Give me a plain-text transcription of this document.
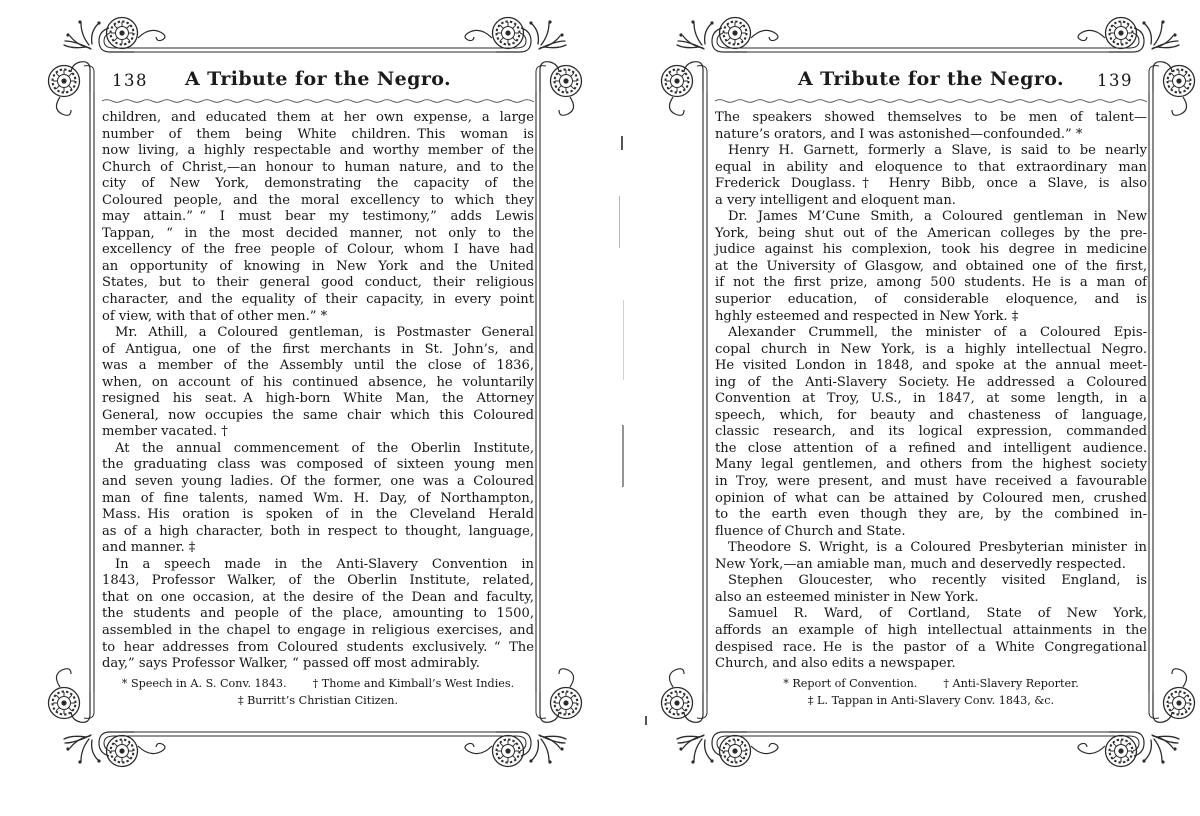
138	A Tribute for the Negro.
children, and educated them at her own expense, a large
number of them being White children. This woman is
now living, a highly respectable and worthy member of the
Church of Christ,—an honour to human nature, and to the
city of New York, demonstrating the capacity of the
Coloured people, and the moral excellency to which they
may attain.” “ I must bear my testimony,” adds Lewis
Tappan, “ in the most decided manner, not only to the
excellency of the free people of Colour, whom I have had
an opportunity of knowing in New York and the United
States, but to their general good conduct, their religious
character, and the equality of their capacity, in every point
of view, with that of other men.” *
Mr. Athill, a Coloured gentleman, is Postmaster General
of Antigua, one of the first merchants in St. John’s, and
was a member of the Assembly until the close of 1836,
when, on account of his continued absence, he voluntarily
resigned his seat. A high-born White Man, the Attorney
General, now occupies the same chair which this Coloured
member vacated. †
At the annual commencement of the Oberlin Institute,
the graduating class was composed of sixteen young men
and seven young ladies. Of the former, one was a Coloured
man of fine talents, named Wm. H. Day, of Northampton,
Mass. His oration is spoken of in the Cleveland Herald
as of a high character, both in respect to thought, language,
and manner. ‡
In a speech made in the Anti-Slavery Convention in
1843, Professor Walker, of the Oberlin Institute, related,
that on one occasion, at the desire of the Dean and faculty,
the students and people of the place, amounting to 1500,
assembled in the chapel to engage in religious exercises, and
to hear addresses from Coloured students exclusively. “ The
day,” says Professor Walker, “ passed off most admirably.
* Speech in A. S. Conv. 1843. † Thome and Kimball’s West Indies.
‡ Burritt’s Christian Citizen.
139
A Tribute for the Negro.
The speakers showed themselves to be men of talent—
nature’s orators, and I was astonished—confounded.” *
Henry H. Garnett, formerly a Slave, is said to be nearly
equal in ability and eloquence to that extraordinary man
Frederick Douglass.† Henry Bibb, once a Slave, is also
a very intelligent and eloquent man.
Dr. James M’Cune Smith, a Coloured gentleman in New
York, being shut out of the American colleges by the pre-
judice against his complexion, took his degree in medicine
at the University of Glasgow, and obtained one of the first,
if not the first prize, among 500 students. He is a man of
superior education, of considerable eloquence, and is
hghly esteemed and respected in New York. ‡
Alexander Crummell, the minister of a Coloured Epis-
copal church in New York, is a highly intellectual Negro.
He visited London in 1848, and spoke at the annual meet-
ing of the Anti-Slavery Society. He addressed a Coloured
Convention at Troy, U.S., in 1847, at some length, in a
speech, which, for beauty and chasteness of language,
classic research, and its logical expression, commanded
the close attention of a refined and intelligent audience.
Many legal gentlemen, and others from the highest society
in Troy, were present, and must have received a favourable
opinion of what can be attained by Coloured men, crushed
to the earth even though they are, by the combined in-
fluence of Church and State.
Theodore S. Wright, is a Coloured Presbyterian minister in
New York,—an amiable man, much and deservedly respected.
Stephen Gloucester, who recently visited England, is
also an esteemed minister in New York.
Samuel R. Ward, of Cortland, State of New York,
affords an example of high intellectual attainments in the
despised race. He is the pastor of a White Congregational
Church, and also edits a newspaper.
* Report of Convention. † Anti-Slavery Reporter.
‡ L. Tappan in Anti-Slavery Conv. 1843, &c.
